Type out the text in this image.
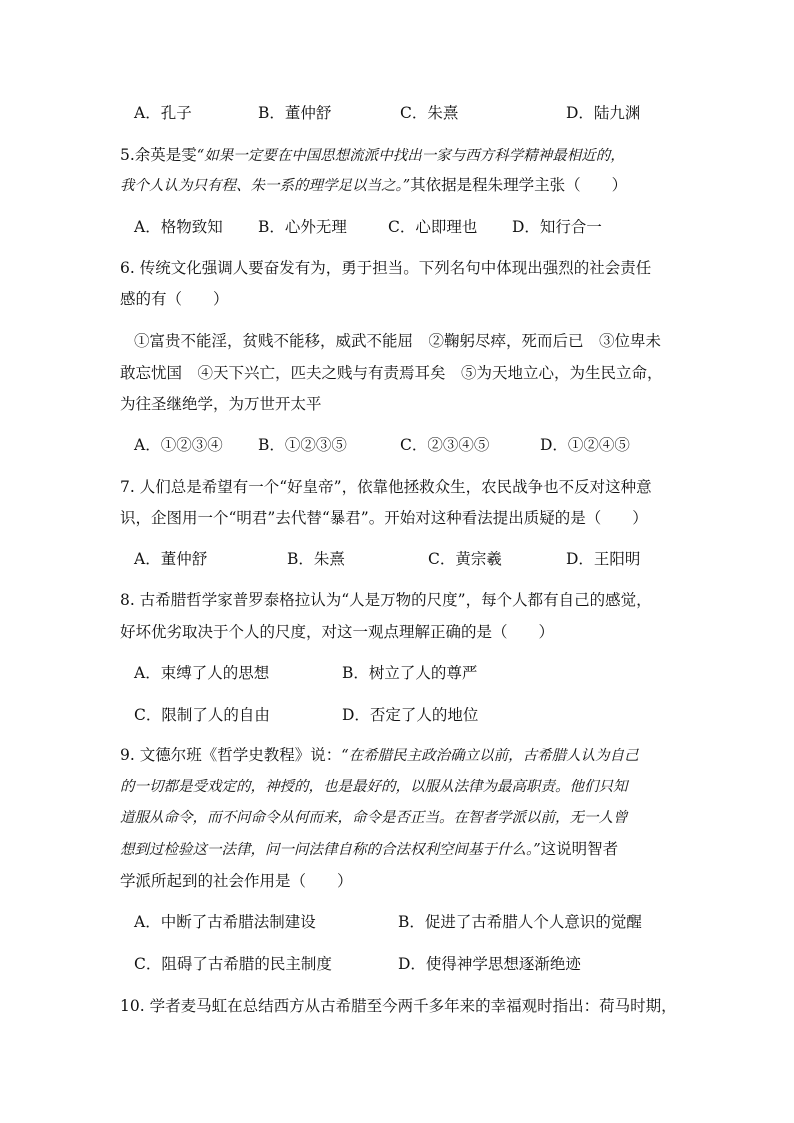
A．孔子	B．董仲舒	C．朱熹	D．陆九渊
5.余英是雯“如果一定要在中国思想流派中找出一家与西方科学精神最相近的，
我个人认为只有程、朱一系的理学足以当之。”其依据是程朱理学主张（　　）
A．格物致知 B．心外无理	C．心即理也 D．知行合一
6. 传统文化强调人要奋发有为，勇于担当。下列名句中体现出强烈的社会责任
感的有（　　）
①富贵不能淫，贫贱不能移，威武不能屈　②鞠躬尽瘁，死而后已　③位卑未
敢忘忧国　④天下兴亡，匹夫之贱与有责焉耳矣　⑤为天地立心，为生民立命，
为往圣继绝学，为万世开太平
A．①②③④ B．①②③⑤	C．②③④⑤	D．①②④⑤
7. 人们总是希望有一个“好皇帝”，依靠他拯救众生，农民战争也不反对这种意
识，企图用一个“明君”去代替“暴君”。开始对这种看法提出质疑的是（　　）
A．董仲舒	B．朱熹	C．黄宗羲	D．王阳明
8. 古希腊哲学家普罗泰格拉认为“人是万物的尺度”，每个人都有自己的感觉，
好坏优劣取决于个人的尺度，对这一观点理解正确的是（　　）
A．束缚了人的思想	B．树立了人的尊严
C．限制了人的自由	D．否定了人的地位
9. 文德尔班《哲学史教程》说：“在希腊民主政治确立以前，古希腊人认为自己
的一切都是受戏定的，神授的，也是最好的，以服从法律为最高职责。他们只知
道服从命令，而不问命令从何而来，命令是否正当。在智者学派以前，无一人曾
想到过检验这一法律，问一问法律自称的合法权利空间基于什么。”这说明智者
学派所起到的社会作用是（　　）
A．中断了古希腊法制建设	B．促进了古希腊人个人意识的觉醒
C．阻碍了古希腊的民主制度	D．使得神学思想逐渐绝迹
10. 学者麦马虹在总结西方从古希腊至今两千多年来的幸福观时指出：荷马时期，
